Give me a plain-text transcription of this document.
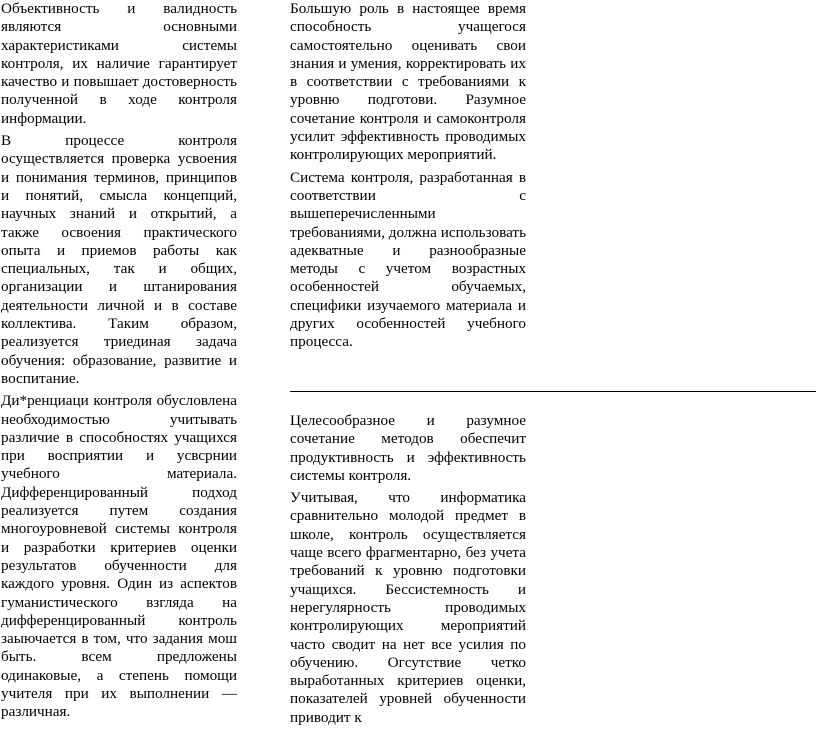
Объективность и валидность являются основными характеристиками системы контроля, их наличие гарантирует качество и повышает достоверность полученной в ходе контроля информации.

В процессе контроля осуществляется проверка усвоения и понимания терминов, принципов и понятий, смысла концепций, научных знаний и открытий, а также освоения практического опыта и приемов работы как специальных, так и общих, организации и штанирования деятельности личной и в составе коллектива. Таким образом, реализуется триединая задача обучения: образование, развитие и воспитание.

Ди*ренциаци контроля обусловлена необходимостью учитывать различие в способностях учащихся при восприятии и усвсрнии учебного материала. Дифференцированный подход реализуется путем создания многоуровневой системы контроля и разработки критериев оценки результатов обученности для каждого уровня. Один из аспектов гуманистического взгляда на дифференцированный контроль заыючается в том, что задания мош быть. всем предложены одинаковые, а степень помощи учителя при их выполнении — различная.

Большую роль в настоящее время способность учащегося самостоятельно оценивать свои знания и умения, корректировать их в соответствии с требованиями к уровню подготови. Разумное сочетание контроля и самоконтроля усилит эффективность проводимых контролирующих мероприятий.

Система контроля, разработанная в соответствии с вышеперечисленными требованиями, должна использовать адекватные и разнообразные методы с учетом возрастных особенностей обучаемых, специфики изучаемого материала и других особенностей учебного процесса.

Целесообразное и разумное сочетание методов обеспечит продуктивность и эффективность системы контроля.

Учитывая, что информатика сравнительно молодой предмет в школе, контроль осуществляется чаще всего фрагментарно, без учета требований к уровню подготовки учащихся. Бессистемность и нерегулярность проводимых контролирующих мероприятий часто сводит на нет все усилия по обучению. Огсутствие четко выработанных критериев оценки, показателей уровней обученности приводит к
